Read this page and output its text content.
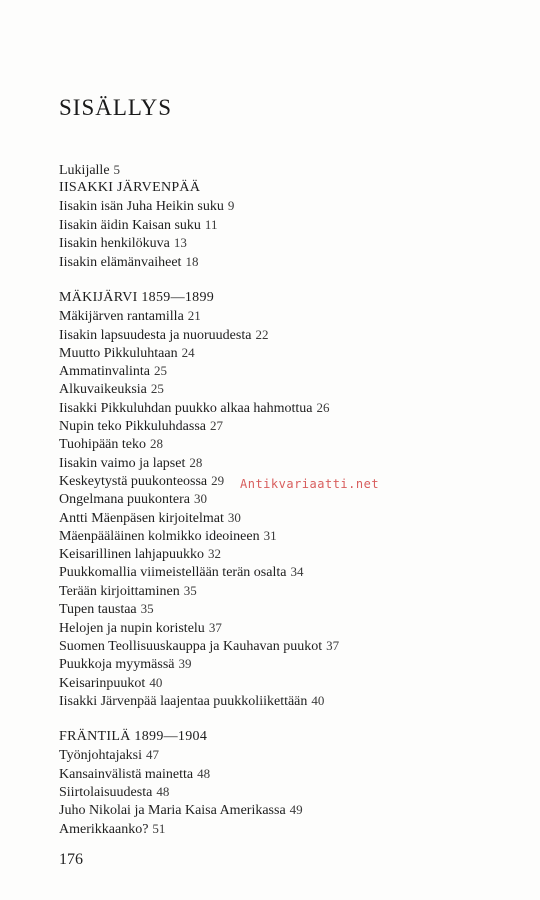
SISÄLLYS
Lukijalle 5
IISAKKI JÄRVENPÄÄ
Iisakin isän Juha Heikin suku 9
Iisakin äidin Kaisan suku 11
Iisakin henkilökuva 13
Iisakin elämänvaiheet 18
MÄKIJÄRVI 1859—1899
Mäkijärven rantamilla 21
Iisakin lapsuudesta ja nuoruudesta 22
Muutto Pikkuluhtaan 24
Ammatinvalinta 25
Alkuvaikeuksia 25
Iisakki Pikkuluhdan puukko alkaa hahmottua 26
Nupin teko Pikkuluhdassa 27
Tuohipään teko 28
Iisakin vaimo ja lapset 28
Keskeytystä puukonteossa 29
Ongelmana puukontera 30
Antti Mäenpäsen kirjoitelmat 30
Mäenpääläinen kolmikko ideoineen 31
Keisarillinen lahjapuukko 32
Puukkomallia viimeistellään terän osalta 34
Terään kirjoittaminen 35
Tupen taustaa 35
Helojen ja nupin koristelu 37
Suomen Teollisuuskauppa ja Kauhavan puukot 37
Puukkoja myymässä 39
Keisarinpuukot 40
Iisakki Järvenpää laajentaa puukkoliikettään 40
FRÄNTILÄ 1899—1904
Työnjohtajaksi 47
Kansainvälistä mainetta 48
Siirtolaisuudesta 48
Juho Nikolai ja Maria Kaisa Amerikassa 49
Amerikkaanko? 51
Antikvariaatti.net
176
